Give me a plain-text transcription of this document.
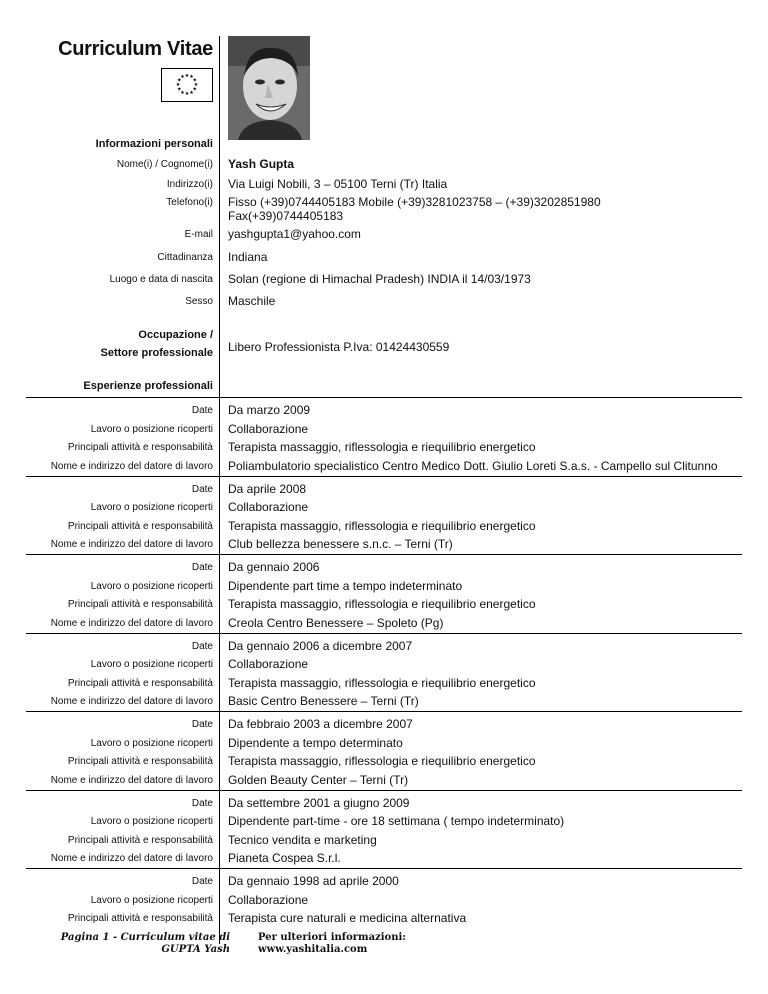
Curriculum Vitae
★ ★
★
★
★
★
★
★
★
★
★
★
Informazioni personali
Nome(i) / Cognome(i) Yash Gupta
Indirizzo(i) Via Luigi Nobili, 3 – 05100 Terni (Tr) Italia
Telefono(i) Fisso (+39)0744405183 Mobile (+39)3281023758 – (+39)3202851980
Fax(+39)0744405183
E-mail yashgupta1@yahoo.com
Cittadinanza Indiana
Luogo e data di nascita Solan (regione di Himachal Pradesh) INDIA il 14/03/1973
Sesso Maschile
Occupazione /
Settore professionale Libero Professionista P.Iva: 01424430559
Esperienze professionali
Date Da marzo 2009
Lavoro o posizione ricoperti Collaborazione
Principali attività e responsabilità Terapista massaggio, riflessologia e riequilibrio energetico
Nome e indirizzo del datore di lavoro Poliambulatorio specialistico Centro Medico Dott. Giulio Loreti S.a.s. - Campello sul Clitunno
Date Da aprile 2008
Lavoro o posizione ricoperti Collaborazione
Principali attività e responsabilità Terapista massaggio, riflessologia e riequilibrio energetico
Nome e indirizzo del datore di lavoro Club bellezza benessere s.n.c. – Terni (Tr)
Date Da gennaio 2006
Lavoro o posizione ricoperti Dipendente part time a tempo indeterminato
Principali attività e responsabilità Terapista massaggio, riflessologia e riequilibrio energetico
Nome e indirizzo del datore di lavoro Creola Centro Benessere – Spoleto (Pg)
Date Da gennaio 2006 a dicembre 2007
Lavoro o posizione ricoperti Collaborazione
Principali attività e responsabilità Terapista massaggio, riflessologia e riequilibrio energetico
Nome e indirizzo del datore di lavoro Basic Centro Benessere – Terni (Tr)
Date Da febbraio 2003 a dicembre 2007
Lavoro o posizione ricoperti Dipendente a tempo determinato
Principali attività e responsabilità Terapista massaggio, riflessologia e riequilibrio energetico
Nome e indirizzo del datore di lavoro Golden Beauty Center – Terni (Tr)
Date Da settembre 2001 a giugno 2009
Lavoro o posizione ricoperti Dipendente part-time - ore 18 settimana ( tempo indeterminato)
Principali attività e responsabilità Tecnico vendita e marketing
Nome e indirizzo del datore di lavoro Pianeta Cospea S.r.l.
Date Da gennaio 1998 ad aprile 2000
Lavoro o posizione ricoperti Collaborazione
Principali attività e responsabilità Terapista cure naturali e medicina alternativa
Pagina 1 - Curriculum vitae di
GUPTA Yash
Per ulteriori informazioni:
www.yashitalia.com
